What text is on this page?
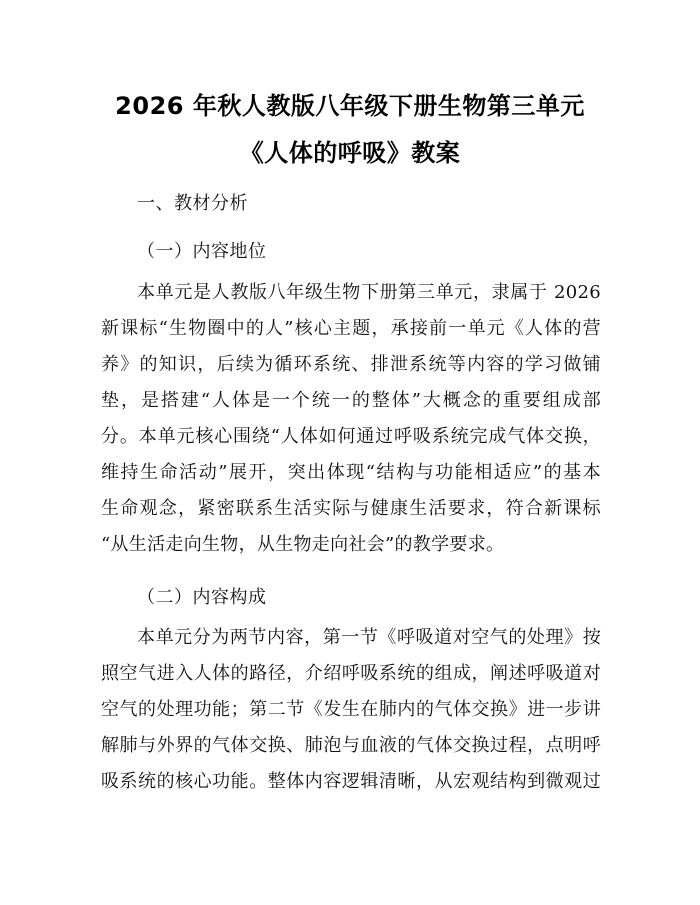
2026 年秋人教版八年级下册生物第三单元
《人体的呼吸》教案
一、教材分析
（一）内容地位
本单元是人教版八年级生物下册第三单元，隶属于 2026
新课标“生物圈中的人”核心主题，承接前一单元《人体的营
养》的知识，后续为循环系统、排泄系统等内容的学习做铺
垫，是搭建“人体是一个统一的整体”大概念的重要组成部
分。本单元核心围绕“人体如何通过呼吸系统完成气体交换，
维持生命活动”展开，突出体现“结构与功能相适应”的基本
生命观念，紧密联系生活实际与健康生活要求，符合新课标
“从生活走向生物，从生物走向社会”的教学要求。
（二）内容构成
本单元分为两节内容，第一节《呼吸道对空气的处理》按
照空气进入人体的路径，介绍呼吸系统的组成，阐述呼吸道对
空气的处理功能；第二节《发生在肺内的气体交换》进一步讲
解肺与外界的气体交换、肺泡与血液的气体交换过程，点明呼
吸系统的核心功能。整体内容逻辑清晰，从宏观结构到微观过
